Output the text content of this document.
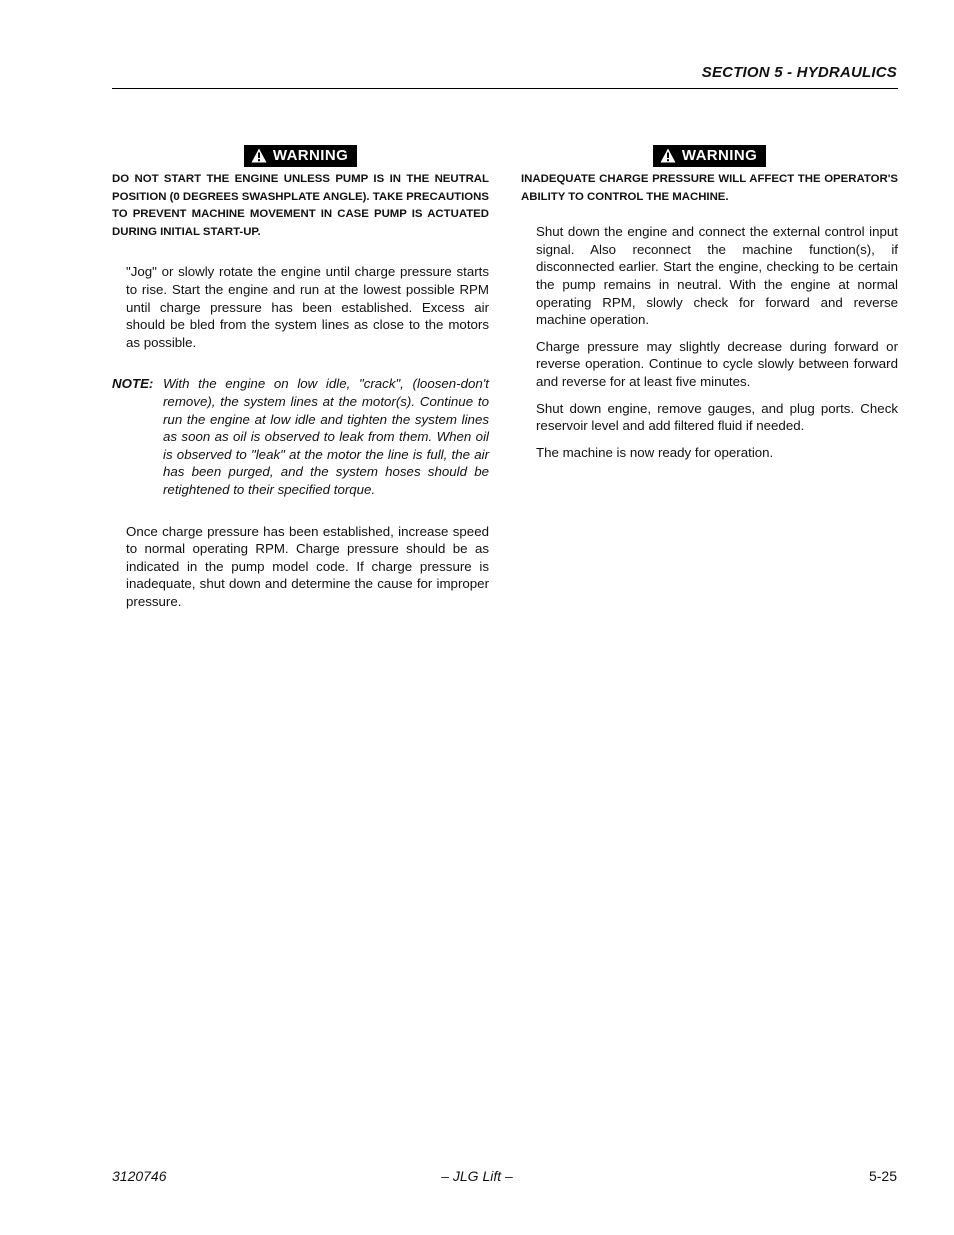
SECTION 5 - HYDRAULICS
WARNING

DO NOT START THE ENGINE UNLESS PUMP IS IN THE NEUTRAL POSITION (0 DEGREES SWASHPLATE ANGLE). TAKE PRECAUTIONS TO PREVENT MACHINE MOVEMENT IN CASE PUMP IS ACTUATED DURING INITIAL START-UP.

"Jog" or slowly rotate the engine until charge pressure starts to rise. Start the engine and run at the lowest possible RPM until charge pressure has been established. Excess air should be bled from the system lines as close to the motors as possible.

NOTE: With the engine on low idle, "crack", (loosen-don't remove), the system lines at the motor(s). Continue to run the engine at low idle and tighten the system lines as soon as oil is observed to leak from them. When oil is observed to "leak" at the motor the line is full, the air has been purged, and the system hoses should be retightened to their specified torque.

Once charge pressure has been established, increase speed to normal operating RPM. Charge pressure should be as indicated in the pump model code. If charge pressure is inadequate, shut down and determine the cause for improper pressure.

WARNING

INADEQUATE CHARGE PRESSURE WILL AFFECT THE OPERATOR'S ABILITY TO CONTROL THE MACHINE.

Shut down the engine and connect the external control input signal. Also reconnect the machine function(s), if disconnected earlier. Start the engine, checking to be certain the pump remains in neutral. With the engine at normal operating RPM, slowly check for forward and reverse machine operation.

Charge pressure may slightly decrease during forward or reverse operation. Continue to cycle slowly between forward and reverse for at least five minutes.

Shut down engine, remove gauges, and plug ports. Check reservoir level and add filtered fluid if needed.

The machine is now ready for operation.

3120746	– JLG Lift –	5-25
